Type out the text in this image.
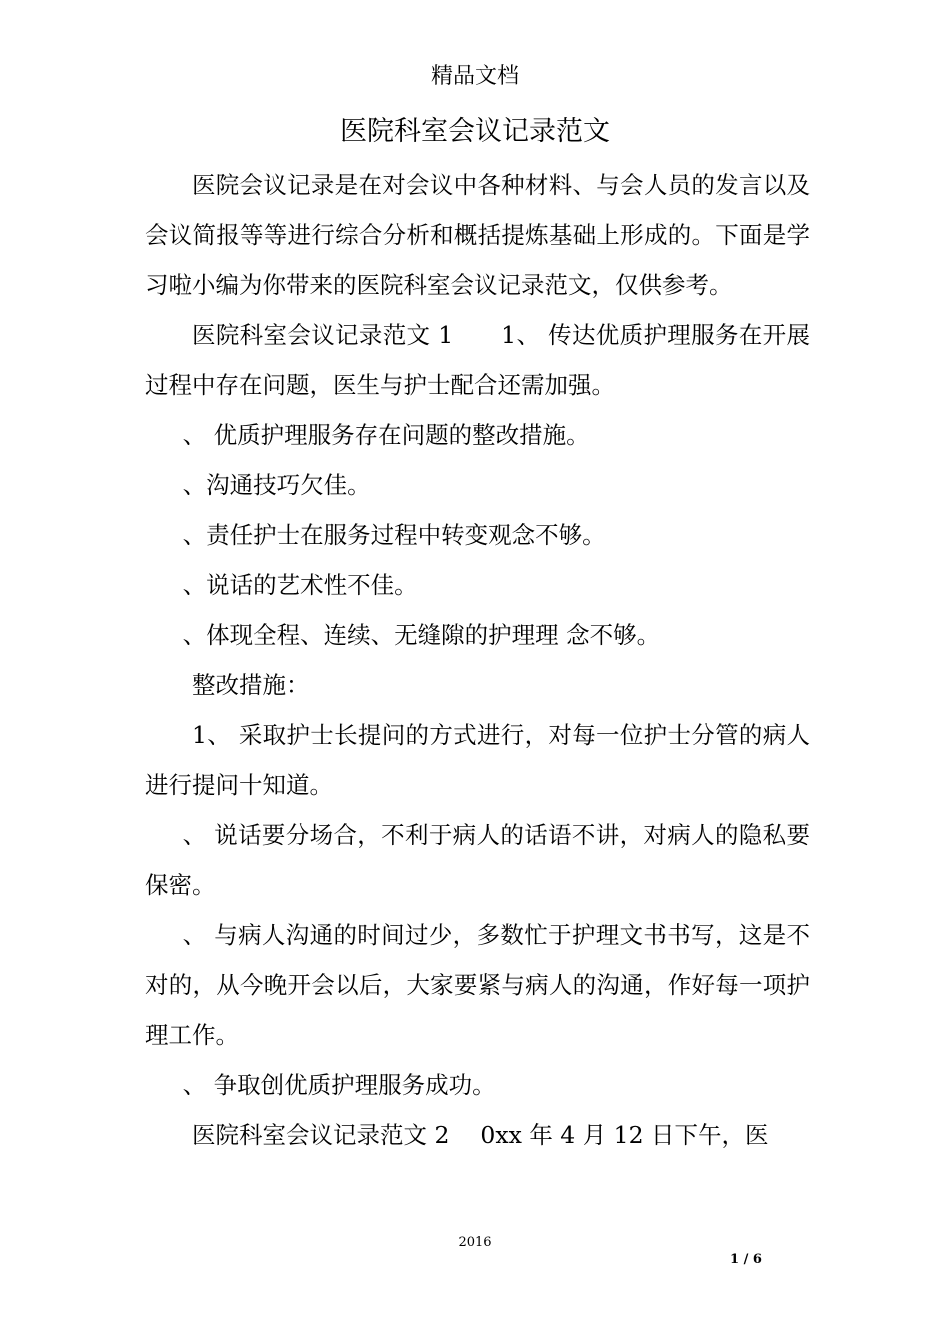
精品文档
医院科室会议记录范文

医院会议记录是在对会议中各种材料、与会人员的发言以及会议简报等等进行综合分析和概括提炼基础上形成的。下面是学习啦小编为你带来的医院科室会议记录范文，仅供参考。

医院科室会议记录范文 1　　1、 传达优质护理服务在开展过程中存在问题，医生与护士配合还需加强。

、 优质护理服务存在问题的整改措施。

、沟通技巧欠佳。

、责任护士在服务过程中转变观念不够。

、说话的艺术性不佳。

、体现全程、连续、无缝隙的护理理 念不够。

整改措施：

1、 采取护士长提问的方式进行，对每一位护士分管的病人进行提问十知道。

、 说话要分场合，不利于病人的话语不讲，对病人的隐私要保密。

、 与病人沟通的时间过少，多数忙于护理文书书写，这是不对的，从今晚开会以后，大家要紧与病人的沟通，作好每一项护理工作。

、 争取创优质护理服务成功。

医院科室会议记录范文 2　 0xx 年 4 月 12 日下午，医

2016
1 / 6
